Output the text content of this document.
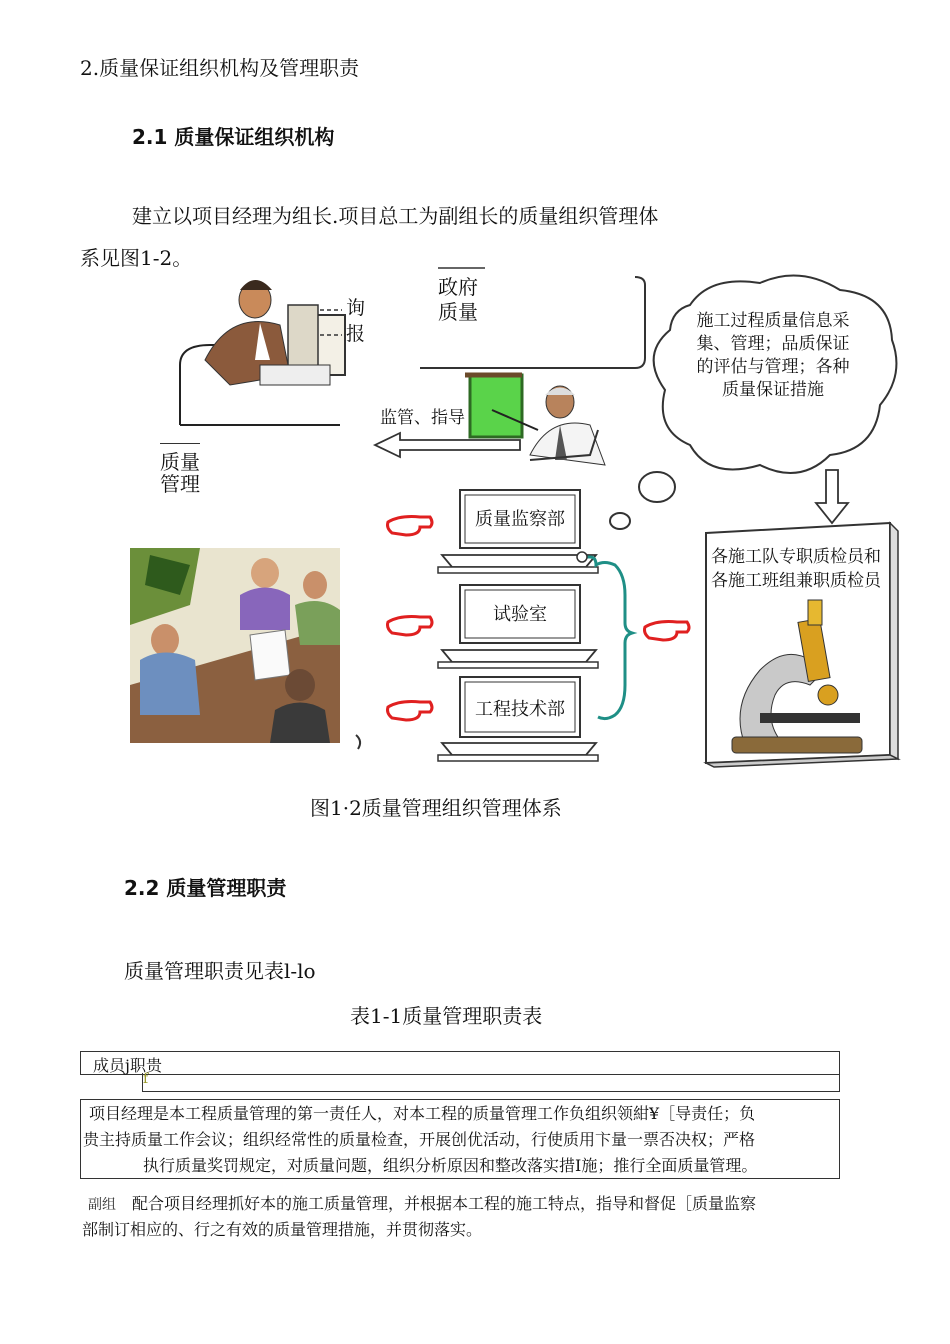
2.质量保证组织机构及管理职责
2.1 质量保证组织机构
建立以项目经理为组长.项目总工为副组长的质量组织管理体
系见图1-2。
询
报
政府
质量
监管、指导
质量
管理
施工过程质量信息采集、管理；品质保证的评估与管理；各种质量保证措施
质量监察部
试验室
工程技术部
各施工队专职质检员和各施工班组兼职质检员
图1·2质量管理组织管理体系
2.2 质量管理职责
质量管理职责见表l-lo
表1-1质量管理职责表
成员j职贵
f
项目经理是本工程质量管理的第一责任人，对本工程的质量管理工作负组织领紺¥［导责任；负
贵主持质量工作会议；组织经常性的质量检查，开展创优活动，行使质用卞量一票否决权；严格
执行质量奖罚规定，对质量问题，组织分析原因和整改落实措Ⅰ施；推行全面质量管理。
副组 配合项目经理抓好本的施工质量管理，并根据本工程的施工特点，指导和督促［质量监察
部制订相应的、行之有效的质量管理措施，并贯彻落实。
